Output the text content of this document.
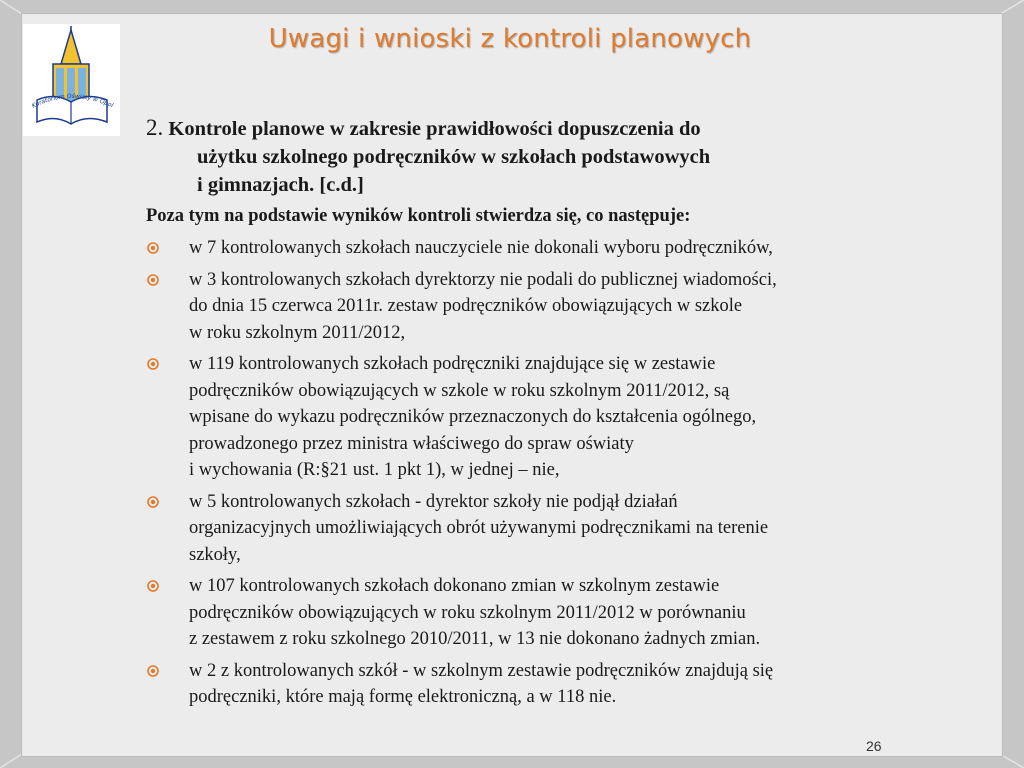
Kuratorium Oświaty w Opol
Uwagi i wnioski z kontroli planowych
2. Kontrole planowe w zakresie prawidłowości dopuszczenia do
użytku szkolnego podręczników w szkołach podstawowych
i gimnazjach. [c.d.]
Poza tym na podstawie wyników kontroli stwierdza się, co następuje:
w 7 kontrolowanych szkołach nauczyciele nie dokonali wyboru podręczników,
w 3 kontrolowanych szkołach dyrektorzy nie podali do publicznej wiadomości,
do dnia 15 czerwca 2011r. zestaw podręczników obowiązujących w szkole
w roku szkolnym 2011/2012,
w 119 kontrolowanych szkołach podręczniki znajdujące się w zestawie
podręczników obowiązujących w szkole w roku szkolnym 2011/2012, są
wpisane do wykazu podręczników przeznaczonych do kształcenia ogólnego,
prowadzonego przez ministra właściwego do spraw oświaty
i wychowania (R:§21 ust. 1 pkt 1), w jednej – nie,
w 5 kontrolowanych szkołach - dyrektor szkoły nie podjął działań
organizacyjnych umożliwiających obrót używanymi podręcznikami na terenie
szkoły,
w 107 kontrolowanych szkołach dokonano zmian w szkolnym zestawie
podręczników obowiązujących w roku szkolnym 2011/2012 w porównaniu
z zestawem z roku szkolnego 2010/2011, w 13 nie dokonano żadnych zmian.
w 2 z kontrolowanych szkół - w szkolnym zestawie podręczników znajdują się
podręczniki, które mają formę elektroniczną, a w 118 nie.
26
